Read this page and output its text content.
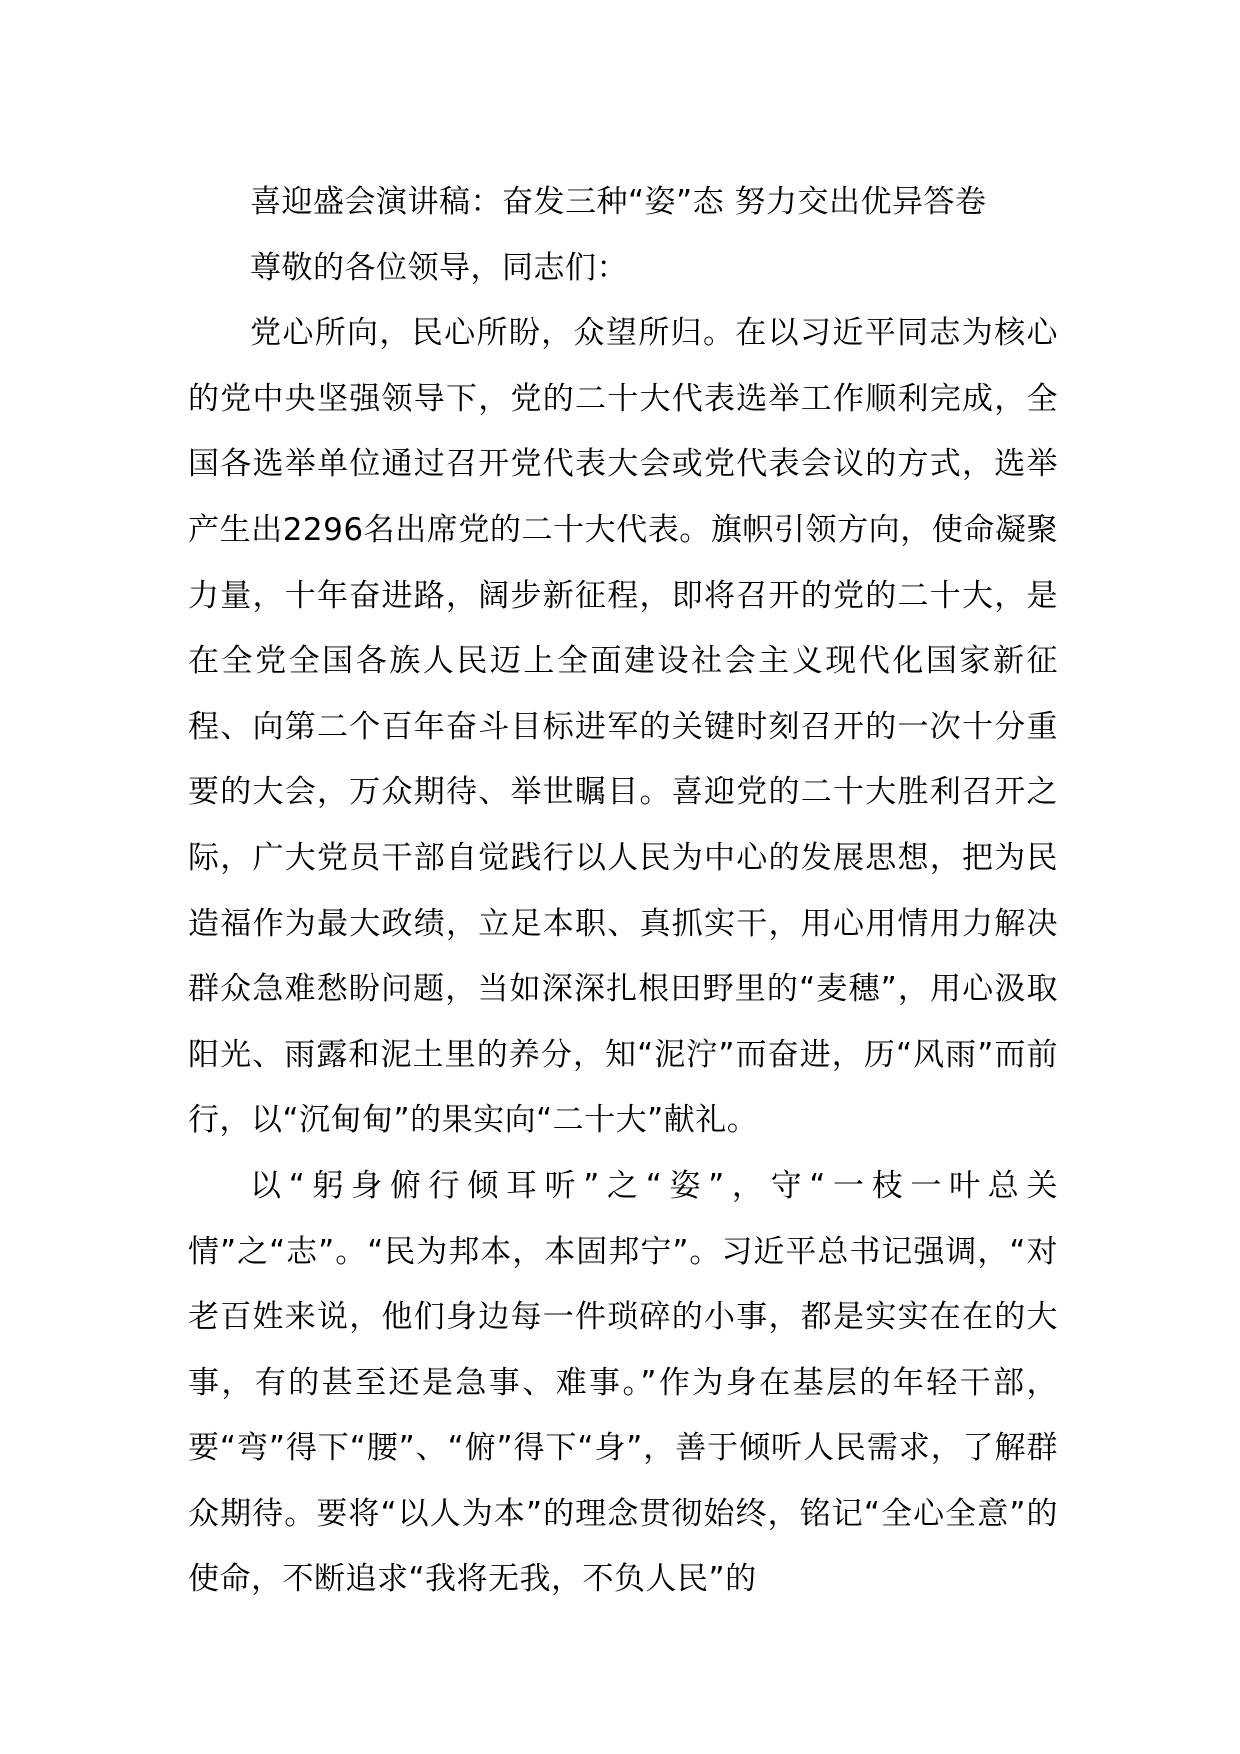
喜迎盛会演讲稿：奋发三种“姿”态 努力交出优异答卷

尊敬的各位领导，同志们：

党心所向，民心所盼，众望所归。在以习近平同志为核心的党中央坚强领导下，党的二十大代表选举工作顺利完成，全国各选举单位通过召开党代表大会或党代表会议的方式，选举产生出2296名出席党的二十大代表。旗帜引领方向，使命凝聚力量，十年奋进路，阔步新征程，即将召开的党的二十大，是在全党全国各族人民迈上全面建设社会主义现代化国家新征程、向第二个百年奋斗目标进军的关键时刻召开的一次十分重要的大会，万众期待、举世瞩目。喜迎党的二十大胜利召开之际，广大党员干部自觉践行以人民为中心的发展思想，把为民造福作为最大政绩，立足本职、真抓实干，用心用情用力解决群众急难愁盼问题，当如深深扎根田野里的“麦穗”，用心汲取阳光、雨露和泥土里的养分，知“泥泞”而奋进，历“风雨”而前行，以“沉甸甸”的果实向“二十大”献礼。

以“躬身俯行倾耳听”之“姿”，守“一枝一叶总关情”之“志”。“民为邦本，本固邦宁”。习近平总书记强调，“对老百姓来说，他们身边每一件琐碎的小事，都是实实在在的大事，有的甚至还是急事、难事。”作为身在基层的年轻干部，要“弯”得下“腰”、“俯”得下“身”，善于倾听人民需求，了解群众期待。要将“以人为本”的理念贯彻始终，铭记“全心全意”的使命，不断追求“我将无我，不负人民”的
